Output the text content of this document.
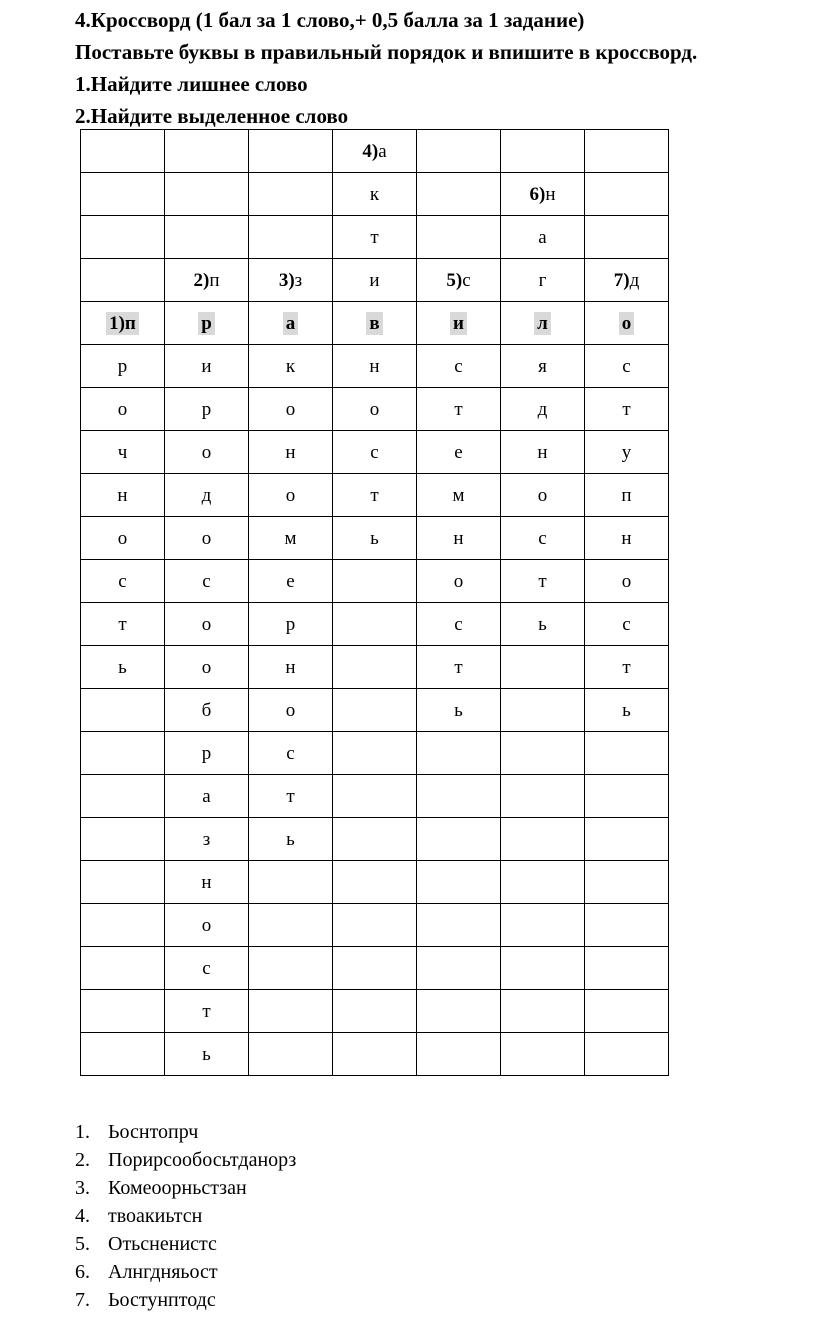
4.Кроссворд (1 бал за 1 слово,+ 0,5 балла за 1 задание)
Поставьте буквы в правильный порядок и впишите в кроссворд.
1.Найдите лишнее слово
2.Найдите выделенное слово
			4)а			
			к		6)н	
			т		а	
	2)п	3)з	и	5)с	г	7)д
1)п	р	а	в	и	л	о
р	и	к	н	с	я	с
о	р	о	о	т	д	т
ч	о	н	с	е	н	у
н	д	о	т	м	о	п
о	о	м	ь	н	с	н
с	с	е		о	т	о
т	о	р		с	ь	с
ь	о	н		т		т
	б	о		ь		ь
	р	с				
	а	т				
	з	ь				
	н					
	о					
	с					
	т					
	ь					
1. Ьоснтопрч
2. Порирсообосьтданорз
3. Комеоорньстзан
4. твоакиьтсн
5. Отьсненистс
6. Алнгдняьост
7. Ьостунптодс
